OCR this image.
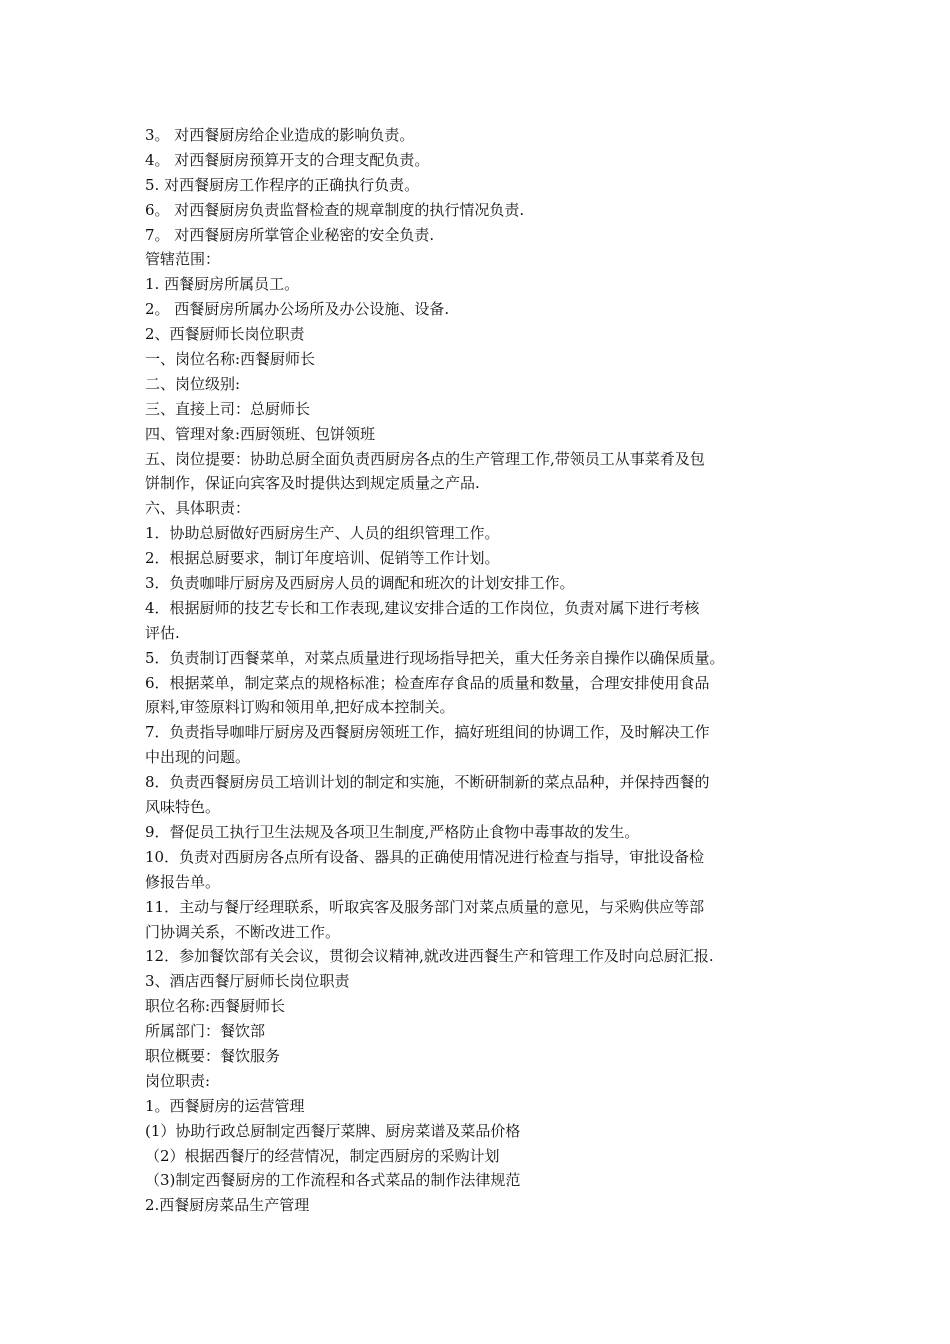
3。 对西餐厨房给企业造成的影响负责。
4。 对西餐厨房预算开支的合理支配负责。
5. 对西餐厨房工作程序的正确执行负责。
6。 对西餐厨房负责监督检查的规章制度的执行情况负责.
7。 对西餐厨房所掌管企业秘密的安全负责.
管辖范围：
1. 西餐厨房所属员工。
2。 西餐厨房所属办公场所及办公设施、设备.
2、西餐厨师长岗位职责
一、岗位名称:西餐厨师长
二、岗位级别:
三、直接上司：总厨师长
四、管理对象:西厨领班、包饼领班
五、岗位提要：协助总厨全面负责西厨房各点的生产管理工作,带领员工从事菜肴及包
饼制作，保证向宾客及时提供达到规定质量之产品.
六、具体职责：
1．协助总厨做好西厨房生产、人员的组织管理工作。
2．根据总厨要求，制订年度培训、促销等工作计划。
3．负责咖啡厅厨房及西厨房人员的调配和班次的计划安排工作。
4．根据厨师的技艺专长和工作表现,建议安排合适的工作岗位，负责对属下进行考核
评估.
5．负责制订西餐菜单，对菜点质量进行现场指导把关，重大任务亲自操作以确保质量。
6．根据菜单，制定菜点的规格标准；检查库存食品的质量和数量，合理安排使用食品
原料,审签原料订购和领用单,把好成本控制关。
7．负责指导咖啡厅厨房及西餐厨房领班工作，搞好班组间的协调工作，及时解决工作
中出现的问题。
8．负责西餐厨房员工培训计划的制定和实施，不断研制新的菜点品种，并保持西餐的
风味特色。
9．督促员工执行卫生法规及各项卫生制度,严格防止食物中毒事故的发生。
10．负责对西厨房各点所有设备、器具的正确使用情况进行检查与指导，审批设备检
修报告单。
11．主动与餐厅经理联系，听取宾客及服务部门对菜点质量的意见，与采购供应等部
门协调关系，不断改进工作。
12．参加餐饮部有关会议，贯彻会议精神,就改进西餐生产和管理工作及时向总厨汇报.
3、酒店西餐厅厨师长岗位职责
职位名称:西餐厨师长
所属部门：餐饮部
职位概要：餐饮服务
岗位职责:
1。西餐厨房的运营管理
(1）协助行政总厨制定西餐厅菜牌、厨房菜谱及菜品价格
（2）根据西餐厅的经营情况，制定西厨房的采购计划
（3)制定西餐厨房的工作流程和各式菜品的制作法律规范
2.西餐厨房菜品生产管理
